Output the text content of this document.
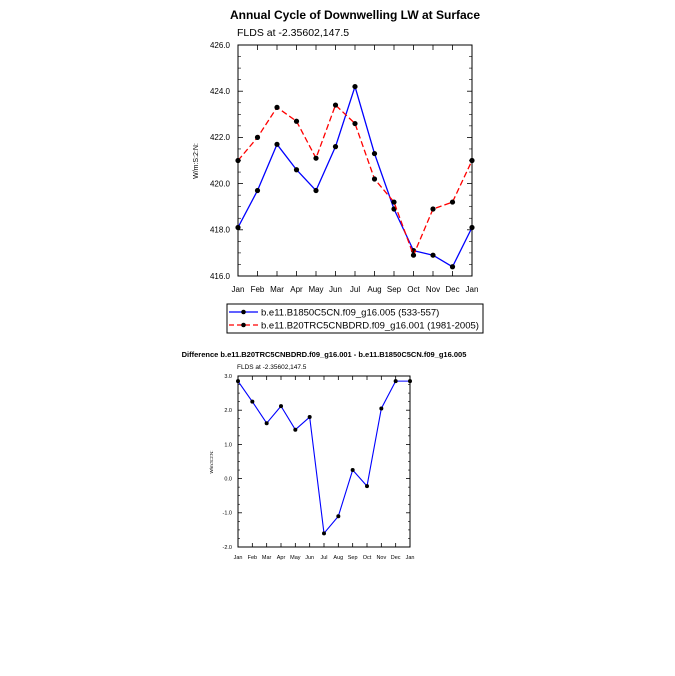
Annual Cycle of Downwelling LW at Surface
FLDS at -2.35602,147.5
W/m:S:2:N:
Jan Feb Mar Apr May Jun Jul Aug Sep Oct Nov Dec Jan
416.0
418.0
420.0
422.0
424.0
426.0
b.e11.B1850C5CN.f09_g16.005 (533-557)
b.e11.B20TRC5CNBDRD.f09_g16.001 (1981-2005)
Difference b.e11.B20TRC5CNBDRD.f09_g16.001 - b.e11.B1850C5CN.f09_g16.005
FLDS at -2.35602,147.5
W/m:S:2:N:
Jan Feb Mar Apr May Jun Jul Aug Sep Oct Nov Dec Jan
-2.0
-1.0
0.0
1.0
2.0
3.0
